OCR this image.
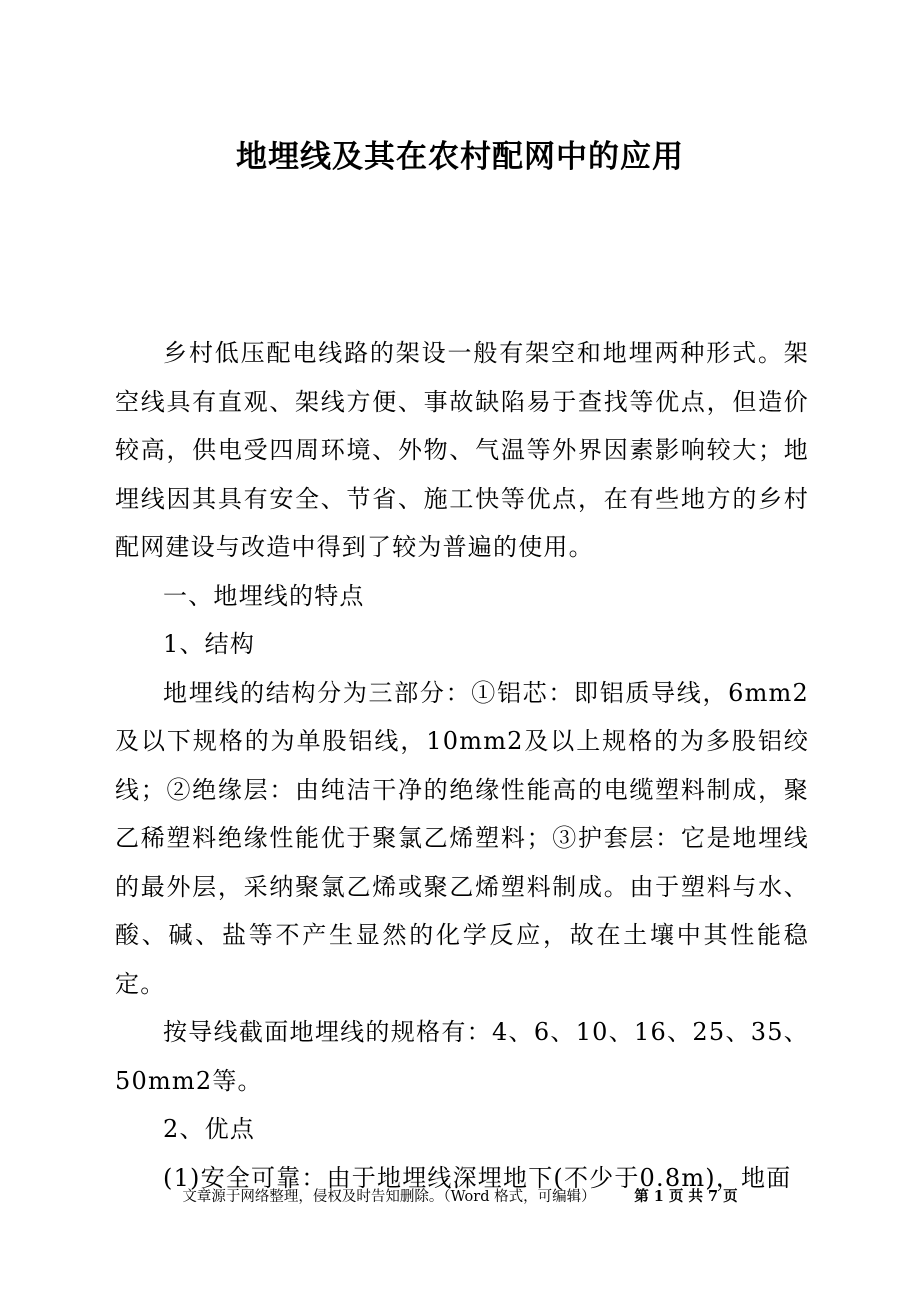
地埋线及其在农村配网中的应用

乡村低压配电线路的架设一般有架空和地埋两种形式。架空线具有直观、架线方便、事故缺陷易于查找等优点，但造价较高，供电受四周环境、外物、气温等外界因素影响较大；地埋线因其具有安全、节省、施工快等优点，在有些地方的乡村配网建设与改造中得到了较为普遍的使用。

一、地埋线的特点

1、结构

地埋线的结构分为三部分：①铝芯：即铝质导线，6mm2及以下规格的为单股铝线，10mm2及以上规格的为多股铝绞线；②绝缘层：由纯洁干净的绝缘性能高的电缆塑料制成，聚乙稀塑料绝缘性能优于聚氯乙烯塑料；③护套层：它是地埋线的最外层，采纳聚氯乙烯或聚乙烯塑料制成。由于塑料与水、酸、碱、盐等不产生显然的化学反应，故在土壤中其性能稳定。

按导线截面地埋线的规格有：4、6、10、16、25、35、50mm2等。

2、优点

(1)安全可靠：由于地埋线深埋地下(不少于0.8m)，地面

文章源于网络整理，侵权及时告知删除。（Word 格式，可编辑）	第 1 页 共 7 页
